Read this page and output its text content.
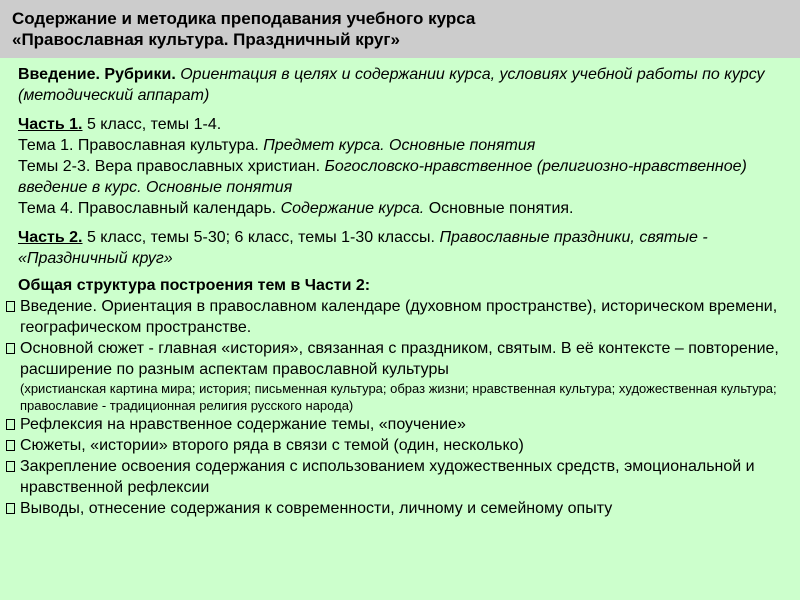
Содержание и методика преподавания учебного курса
«Православная культура. Праздничный круг»
Введение. Рубрики. Ориентация в целях и содержании курса, условиях учебной работы по курсу (методический аппарат)
Часть 1. 5 класс, темы 1-4.
Тема 1. Православная культура. Предмет курса. Основные понятия
Темы 2-3. Вера православных христиан. Богословско-нравственное (религиозно-нравственное) введение в курс. Основные понятия
Тема 4. Православный календарь. Содержание курса. Основные понятия.
Часть 2. 5 класс, темы 5-30; 6 класс, темы 1-30 классы. Православные праздники, святые - «Праздничный круг»
Общая структура построения тем в Части 2:
Введение. Ориентация в православном календаре (духовном пространстве), историческом времени, географическом пространстве.
Основной сюжет - главная «история», связанная с праздником, святым. В её контексте – повторение, расширение по разным аспектам православной культуры
(христианская картина мира; история; письменная культура; образ жизни; нравственная культура; художественная культура; православие - традиционная религия русского народа)
Рефлексия на нравственное содержание темы, «поучение»
Сюжеты, «истории» второго ряда в связи с темой (один, несколько)
Закрепление освоения содержания с использованием художественных средств, эмоциональной и нравственной рефлексии
Выводы, отнесение содержания к современности, личному и семейному опыту
